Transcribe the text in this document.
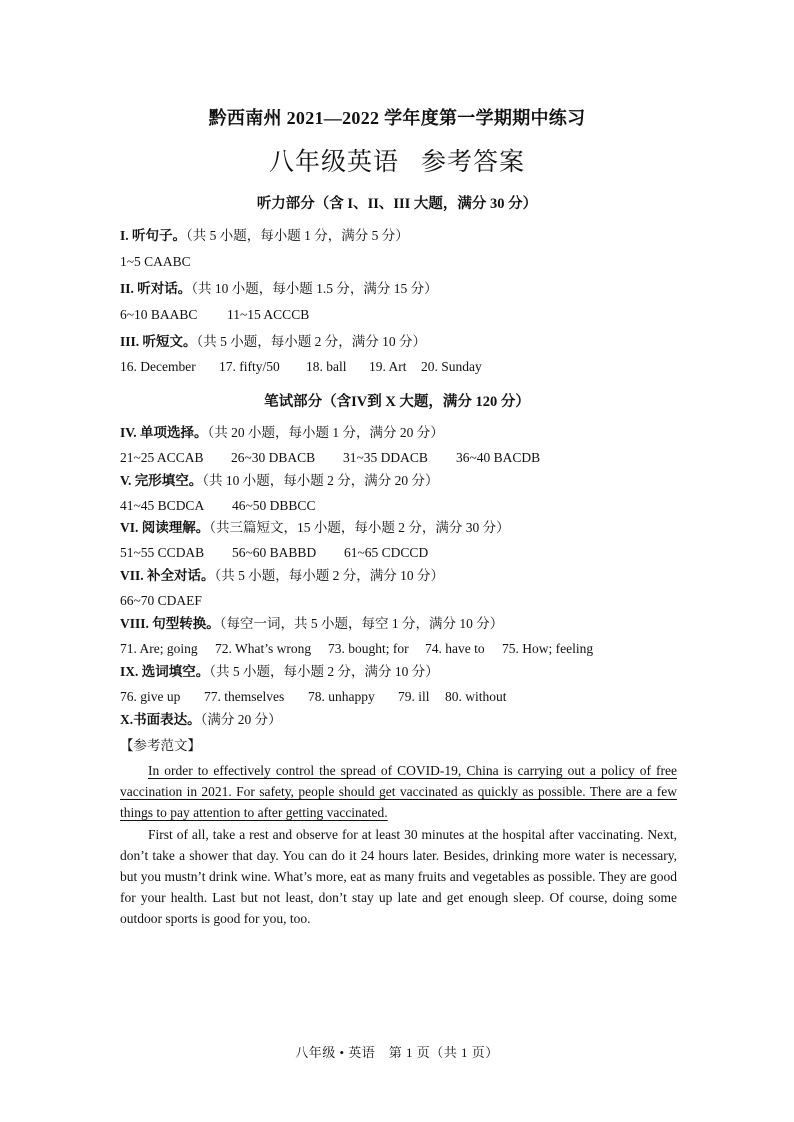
黔西南州 2021—2022 学年度第一学期期中练习
八年级英语 参考答案
听力部分（含 I、II、III 大题，满分 30 分）
I. 听句子。（共 5 小题，每小题 1 分，满分 5 分）
1~5 CAABC
II. 听对话。（共 10 小题，每小题 1.5 分，满分 15 分）
6~10 BAABC 11~15 ACCCB
III. 听短文。（共 5 小题，每小题 2 分，满分 10 分）
16. December 17. fifty/50 18. ball 19. Art 20. Sunday
笔试部分（含IV到 X 大题，满分 120 分）
IV. 单项选择。（共 20 小题，每小题 1 分，满分 20 分）
21~25 ACCAB 26~30 DBACB 31~35 DDACB 36~40 BACDB
V. 完形填空。（共 10 小题，每小题 2 分，满分 20 分）
41~45 BCDCA 46~50 DBBCC
VI. 阅读理解。（共三篇短文，15 小题，每小题 2 分，满分 30 分）
51~55 CCDAB 56~60 BABBD 61~65 CDCCD
VII. 补全对话。（共 5 小题，每小题 2 分，满分 10 分）
66~70 CDAEF
VIII. 句型转换。（每空一词，共 5 小题，每空 1 分，满分 10 分）
71. Are; going 72. What’s wrong 73. bought; for 74. have to 75. How; feeling
IX. 选词填空。（共 5 小题，每小题 2 分，满分 10 分）
76. give up 77. themselves 78. unhappy 79. ill 80. without
X.书面表达。（满分 20 分）
【参考范文】

In order to effectively control the spread of COVID-19, China is carrying out a policy of free vaccination in 2021. For safety, people should get vaccinated as quickly as possible. There are a few things to pay attention to after getting vaccinated.

First of all, take a rest and observe for at least 30 minutes at the hospital after vaccinating. Next, don’t take a shower that day. You can do it 24 hours later. Besides, drinking more water is necessary, but you mustn’t drink wine. What’s more, eat as many fruits and vegetables as possible. They are good for your health. Last but not least, don’t stay up late and get enough sleep. Of course, doing some outdoor sports is good for you, too.

八年级 • 英语　第 1 页（共 1 页）
